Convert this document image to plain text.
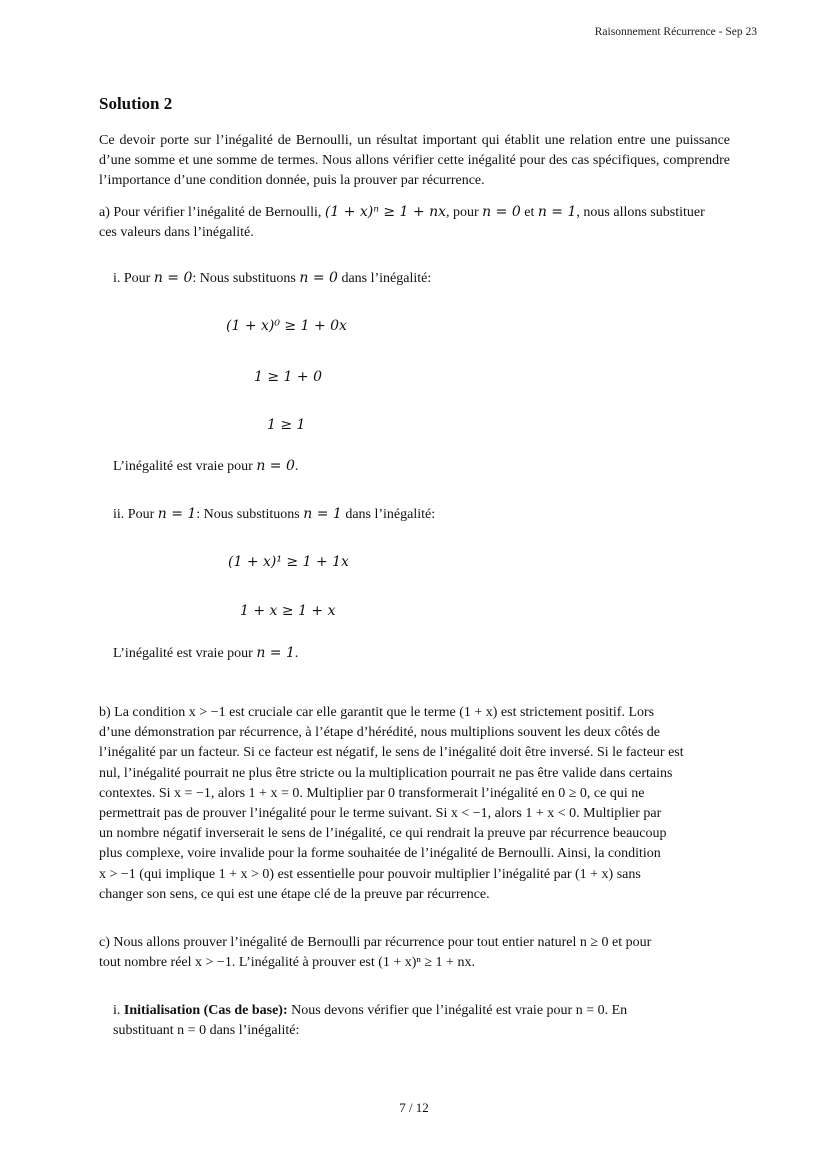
Raisonnement Récurrence - Sep 23
Solution 2

Ce devoir porte sur l’inégalité de Bernoulli, un résultat important qui établit une relation entre une puissance d’une somme et une somme de termes. Nous allons vérifier cette inégalité pour des cas spécifiques, comprendre l’importance d’une condition donnée, puis la prouver par récurrence.

a) Pour vérifier l’inégalité de Bernoulli, (1 + x)ⁿ ≥ 1 + nx, pour n = 0 et n = 1, nous allons substituer
ces valeurs dans l’inégalité.
i. Pour n = 0: Nous substituons n = 0 dans l’inégalité:
(1 + x)⁰ ≥ 1 + 0x
1 ≥ 1 + 0
1 ≥ 1
L’inégalité est vraie pour n = 0.
ii. Pour n = 1: Nous substituons n = 1 dans l’inégalité:
(1 + x)¹ ≥ 1 + 1x
1 + x ≥ 1 + x
L’inégalité est vraie pour n = 1.
b) La condition x > −1 est cruciale car elle garantit que le terme (1 + x) est strictement positif. Lors
d’une démonstration par récurrence, à l’étape d’hérédité, nous multiplions souvent les deux côtés de
l’inégalité par un facteur. Si ce facteur est négatif, le sens de l’inégalité doit être inversé. Si le facteur est
nul, l’inégalité pourrait ne plus être stricte ou la multiplication pourrait ne pas être valide dans certains
contextes. Si x = −1, alors 1 + x = 0. Multiplier par 0 transformerait l’inégalité en 0 ≥ 0, ce qui ne
permettrait pas de prouver l’inégalité pour le terme suivant. Si x < −1, alors 1 + x < 0. Multiplier par
un nombre négatif inverserait le sens de l’inégalité, ce qui rendrait la preuve par récurrence beaucoup
plus complexe, voire invalide pour la forme souhaitée de l’inégalité de Bernoulli. Ainsi, la condition
x > −1 (qui implique 1 + x > 0) est essentielle pour pouvoir multiplier l’inégalité par (1 + x) sans
changer son sens, ce qui est une étape clé de la preuve par récurrence.
c) Nous allons prouver l’inégalité de Bernoulli par récurrence pour tout entier naturel n ≥ 0 et pour
tout nombre réel x > −1. L’inégalité à prouver est (1 + x)ⁿ ≥ 1 + nx.
i. Initialisation (Cas de base): Nous devons vérifier que l’inégalité est vraie pour n = 0. En
substituant n = 0 dans l’inégalité:
7 / 12
